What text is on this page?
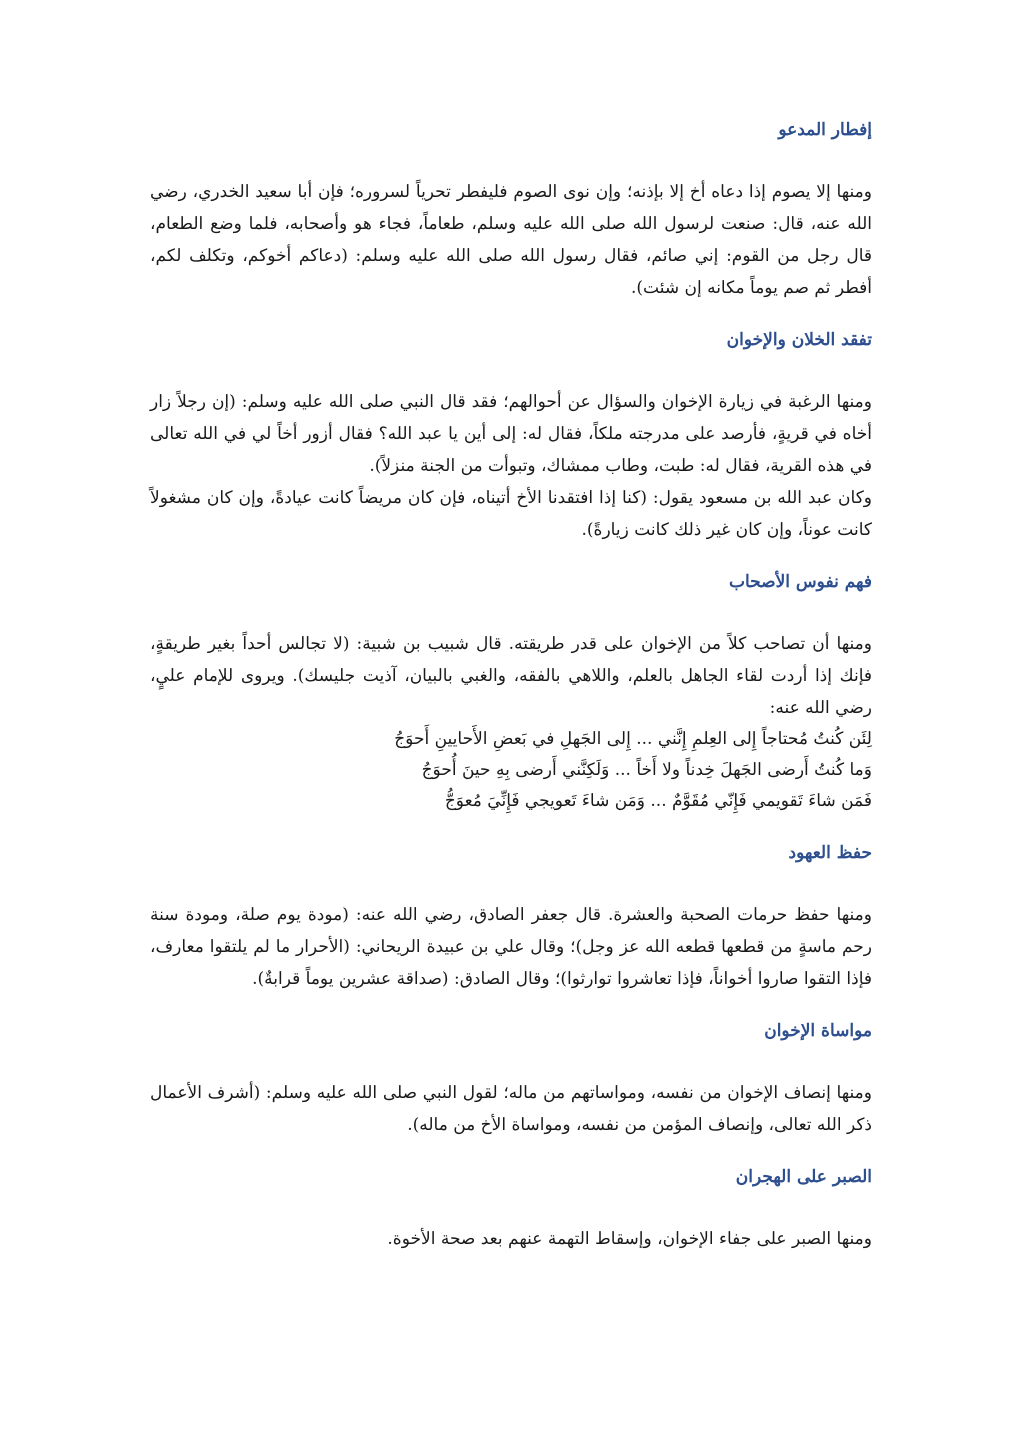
إفطار المدعو

ومنها إلا يصوم إذا دعاه أخ إلا بإذنه؛ وإن نوى الصوم فليفطر تحرياً لسروره؛ فإن أبا سعيد الخدري، رضي الله عنه، قال: صنعت لرسول الله صلى الله عليه وسلم، طعاماً، فجاء هو وأصحابه، فلما وضع الطعام، قال رجل من القوم: إني صائم، فقال رسول الله صلى الله عليه وسلم: (دعاكم أخوكم، وتكلف لكم، أفطر ثم صم يوماً مكانه إن شئت).

تفقد الخلان والإخوان

ومنها الرغبة في زيارة الإخوان والسؤال عن أحوالهم؛ فقد قال النبي صلى الله عليه وسلم: (إن رجلاً زار أخاه في قريةٍ، فأرصد على مدرجته ملكاً، فقال له: إلى أين يا عبد الله؟ فقال أزور أخاً لي في الله تعالى في هذه القرية، فقال له: طبت، وطاب ممشاك، وتبوأت من الجنة منزلاً).

وكان عبد الله بن مسعود يقول: (كنا إذا افتقدنا الأخ أتيناه، فإن كان مريضاً كانت عيادةً، وإن كان مشغولاً كانت عوناً، وإن كان غير ذلك كانت زيارةً).

فهم نفوس الأصحاب

ومنها أن تصاحب كلاً من الإخوان على قدر طريقته. قال شبيب بن شبية: (لا تجالس أحداً بغير طريقةٍ، فإنك إذا أردت لقاء الجاهل بالعلم، واللاهي بالفقه، والغبي بالبيان، آذيت جليسك). ويروى للإمام عليٍ، رضي الله عنه:

لِئَن كُنتُ مُحتاجاً إِلى العِلمِ إِنَّني ... إِلى الجَهلِ في بَعضِ الأَحايينِ أَحوَجُ

وَما كُنتُ أَرضى الجَهلَ خِدناً ولا أَخاً ... وَلَكِنَّني أَرضى بِهِ حينَ أُحوَجُ

فَمَن شاءَ تَقويمي فَإِنّي مُقَوَّمٌ ... وَمَن شاءَ تَعويجي فَإِنِّيَ مُعوَجُّ

حفظ العهود

ومنها حفظ حرمات الصحبة والعشرة. قال جعفر الصادق، رضي الله عنه: (مودة يوم صلة، ومودة سنة رحم ماسةٍ من قطعها قطعه الله عز وجل)؛ وقال علي بن عبيدة الريحاني: (الأحرار ما لم يلتقوا معارف، فإذا التقوا صاروا أخواناً، فإذا تعاشروا توارثوا)؛ وقال الصادق: (صداقة عشرين يوماً قرابةٌ).

مواساة الإخوان

ومنها إنصاف الإخوان من نفسه، ومواساتهم من ماله؛ لقول النبي صلى الله عليه وسلم: (أشرف الأعمال ذكر الله تعالى، وإنصاف المؤمن من نفسه، ومواساة الأخ من ماله).

الصبر على الهجران

ومنها الصبر على جفاء الإخوان، وإسقاط التهمة عنهم بعد صحة الأخوة.
